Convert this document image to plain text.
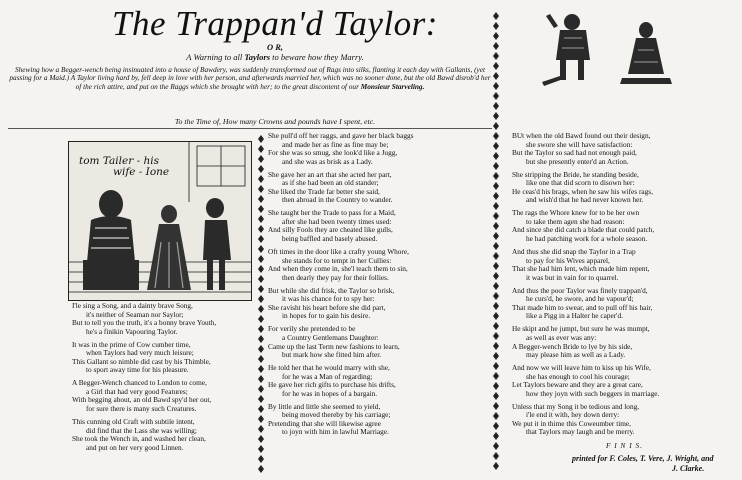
The Trappan'd Taylor:
O R,
A Warning to all Taylors to beware how they Marry.
Shewing how a Begger-wench being insinuated into a house of Bawdery, was suddenly transformed out of Rags into silks, flanting it each day with Gallants, (yet passing for a Maid.) A Taylor living hard by, fell deep in love with her person, and afterwards married her, which was no sooner done, but the old Bawd disrob'd her of the rich attire, and put on the Raggs which she brought with her; to the great discontent of our Monsieur Starveling.
To the Time of, How many Crowns and pounds have I spent, etc.
tom Tailer - his
wife - Ione
I'le sing a Song, and a dainty brave Song,
it's neither of Seaman nor Saylor;
But to tell you the truth, it's a bonny brave Youth,
he's a finikin Vapouring Taylor.
It was in the prime of Cow cumber time,
when Taylors had very much leisure;
This Gallant so nimble did cast by his Thimble,
to sport away time for his pleasure.
A Begger-Wench chanced to London to come,
a Girl that had very good Features;
With begging about, an old Bawd spy'd her out,
for sure there is many such Creatures.
This cunning old Craft with subtile intent,
did find that the Lass she was willing;
She took the Wench in, and washed her clean,
and put on her very good Linnen.
She pull'd off her raggs, and gave her black baggs
and made her as fine as fine may be;
For she was so smug, she look'd like a Jugg,
and she was as brisk as a Lady.
She gave her an art that she acted her part,
as if she had been an old stander;
She liked the Trade far better she said,
then abroad in the Country to wander.
She taught her the Trade to pass for a Maid,
after she had been twenty times used:
And silly Fools they are cheated like gulls,
being baffled and basely abused.
Oft times in the door like a crafty young Whore,
she stands for to tempt in her Cullies:
And when they come in, she'l teach them to sin,
then dearly they pay for their follies.
But while she did frisk, the Taylor so brisk,
it was his chance for to spy her:
She ravisht his heart before she did part,
in hopes for to gain his desire.
For verily she pretended to be
a Country Gentlemans Daughter:
Came up the last Term new fashions to learn,
but mark how she fitted him after.
He told her that he would marry with she,
for he was a Man of regarding;
He gave her rich gifts to purchase his drifts,
for he was in hopes of a bargain.
By little and little she seemed to yield,
being moved thereby by his carriage;
Pretending that she will likewise agree
to joyn with him in lawful Marriage.
BUt when the old Bawd found out their design,
she swore she will have satisfaction:
But the Taylor so sad had not enough paid,
but she presently enter'd an Action.
She stripping the Bride, he standing beside,
like one that did scorn to disown her:
He ceas'd his brags, when he saw his wifes rags,
and wish'd that he had never known her.
The rags the Whore knew for to be her own
to take them agen she had reason:
And since she did catch a blade that could patch,
he had patching work for a whole season.
And thus she did snap the Taylor in a Trap
to pay for his Wives apparel,
That she had him lent, which made him repent,
it was but in vain for to quarrel.
And thus the poor Taylor was finely trappan'd,
he curs'd, he swore, and he vapour'd;
That made him to swear, and to pull off his hair,
like a Pigg in a Halter he caper'd.
He skipt and he jumpt, but sure he was mumpt,
as well as ever was any:
A Begger-wench Bride to lye by his side,
may please him as well as a Lady.
And now we will leave him to kiss up his Wife,
she has enough to cool his courage;
Let Taylors beware and they are a great care,
how they joyn with such beggers in marriage.
Unless that my Song it be tedious and long,
i'le end it with, hey down derry:
We put it in thime this Coweumber time,
that Taylors may laugh and be merry.
F I N I S.
printed for F. Coles, T. Vere, J. Wright, and
J. Clarke.
